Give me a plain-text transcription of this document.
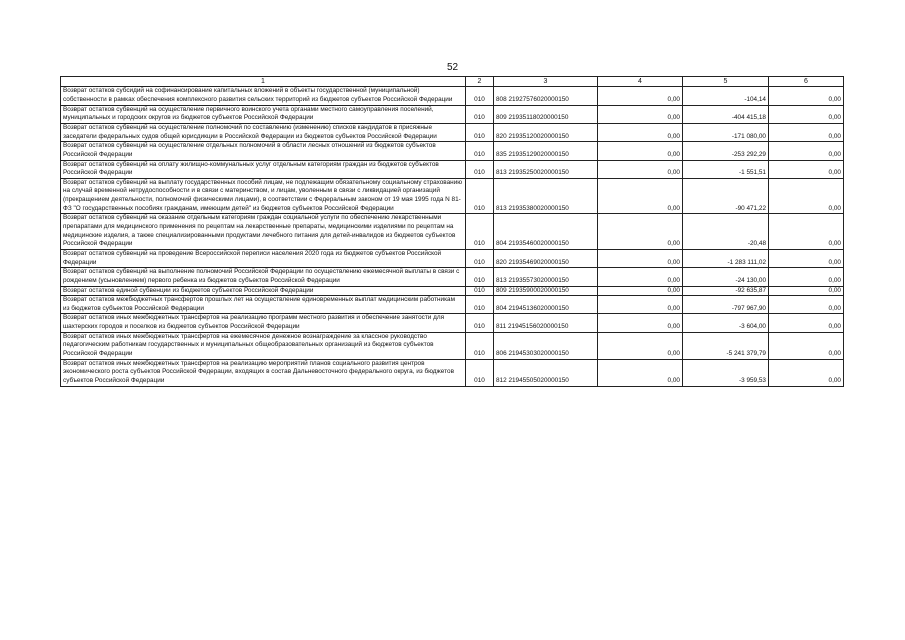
52
1	2	3	4	5	6
Возврат остатков субсидий на софинансирование капитальных вложений в объекты государственной (муниципальной) собственности в рамках обеспечения комплексного развития сельских территорий из бюджетов субъектов Российской Федерации	010	808 21927576020000150	0,00	-104,14	0,00
Возврат остатков субвенций на осуществление первичного воинского учета органами местного самоуправления поселений, муниципальных и городских округов из бюджетов субъектов Российской Федерации	010	809 21935118020000150	0,00	-404 415,18	0,00
Возврат остатков субвенций на осуществление полномочий по составлению (изменению) списков кандидатов в присяжные заседатели федеральных судов общей юрисдикции в Российской Федерации из бюджетов субъектов Российской Федерации	010	820 21935120020000150	0,00	-171 080,00	0,00
Возврат остатков субвенций на осуществление отдельных полномочий в области лесных отношений из бюджетов субъектов Российской Федерации	010	835 21935129020000150	0,00	-253 292,29	0,00
Возврат остатков субвенций на оплату жилищно-коммунальных услуг отдельным категориям граждан из бюджетов субъектов Российской Федерации	010	813 21935250020000150	0,00	-1 551,51	0,00
Возврат остатков субвенций на выплату государственных пособий лицам, не подлежащим обязательному социальному страхованию на случай временной нетрудоспособности и в связи с материнством, и лицам, уволенным в связи с ликвидацией организаций (прекращением деятельности, полномочий физическими лицами), в соответствии с Федеральным законом от 19 мая 1995 года N 81-ФЗ "О государственных пособиях гражданам, имеющим детей" из бюджетов субъектов Российской Федерации	010	813 21935380020000150	0,00	-90 471,22	0,00
Возврат остатков субвенций на оказание отдельным категориям граждан социальной услуги по обеспечению лекарственными препаратами для медицинского применения по рецептам на лекарственные препараты, медицинскими изделиями по рецептам на медицинские изделия, а также специализированными продуктами лечебного питания для детей-инвалидов из бюджетов субъектов Российской Федерации	010	804 21935460020000150	0,00	-20,48	0,00
Возврат остатков субвенций на проведение Всероссийской переписи населения 2020 года из бюджетов субъектов Российской Федерации	010	820 21935469020000150	0,00	-1 283 111,02	0,00
Возврат остатков субвенций на выполнение полномочий Российской Федерации по осуществлению ежемесячной выплаты в связи с рождением (усыновлением) первого ребенка из бюджетов субъектов Российской Федерации	010	813 21935573020000150	0,00	-24 130,00	0,00
Возврат остатков единой субвенции из бюджетов субъектов Российской Федерации	010	809 21935900020000150	0,00	-92 635,87	0,00
Возврат остатков межбюджетных трансфертов прошлых лет на осуществление единовременных выплат медицинским работникам из бюджетов субъектов Российской Федерации	010	804 21945136020000150	0,00	-797 967,90	0,00
Возврат остатков иных межбюджетных трансфертов на реализацию программ местного развития и обеспечение занятости для шахтерских городов и поселков из бюджетов субъектов Российской Федерации	010	811 21945156020000150	0,00	-3 604,00	0,00
Возврат остатков иных межбюджетных трансфертов на ежемесячное денежное вознаграждение за классное руководство педагогическим работникам государственных и муниципальных общеобразовательных организаций из бюджетов субъектов Российской Федерации	010	806 21945303020000150	0,00	-5 241 379,79	0,00
Возврат остатков иных межбюджетных трансфертов на реализацию мероприятий планов социального развития центров экономического роста субъектов Российской Федерации, входящих в состав Дальневосточного федерального округа, из бюджетов субъектов Российской Федерации	010	812 21945505020000150	0,00	-3 959,53	0,00
